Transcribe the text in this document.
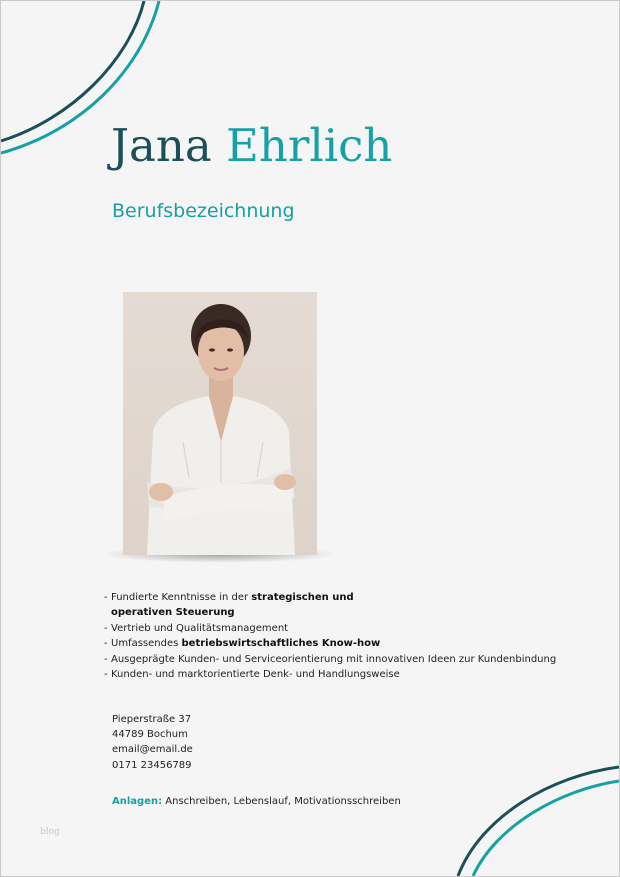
Jana Ehrlich
Berufsbezeichnung
- Fundierte Kenntnisse in der strategischen und
operativen Steuerung
- Vertrieb und Qualitätsmanagement
- Umfassendes betriebswirtschaftliches Know-how
- Ausgeprägte Kunden- und Serviceorientierung mit innovativen Ideen zur Kundenbindung
- Kunden- und marktorientierte Denk- und Handlungsweise
Pieperstraße 37
44789 Bochum
email@email.de
0171 23456789
Anlagen: Anschreiben, Lebenslauf, Motivationsschreiben
blog
